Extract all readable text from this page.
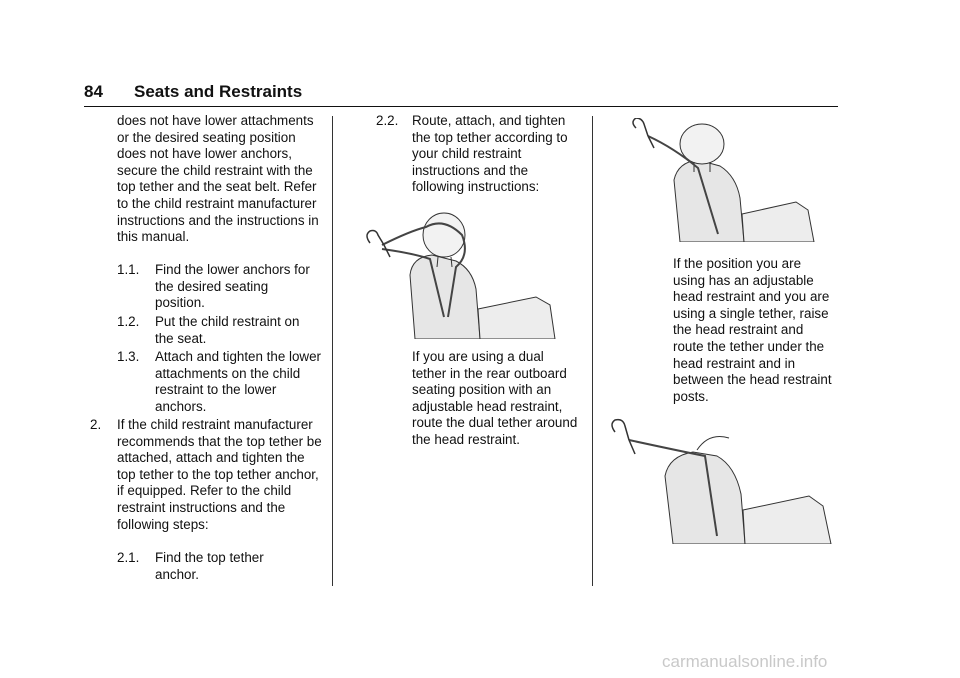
84 Seats and Restraints
does not have lower attachments or the desired seating position does not have lower anchors, secure the child restraint with the top tether and the seat belt. Refer to the child restraint manufacturer instructions and the instructions in this manual.
1.1. Find the lower anchors for the desired seating position.
1.2. Put the child restraint on the seat.
1.3. Attach and tighten the lower attachments on the child restraint to the lower anchors.
2. If the child restraint manufacturer recommends that the top tether be attached, attach and tighten the top tether to the top tether anchor, if equipped. Refer to the child restraint instructions and the following steps:
2.1. Find the top tether anchor.
2.2. Route, attach, and tighten the top tether according to your child restraint instructions and the following instructions:
If you are using a dual tether in the rear outboard seating position with an adjustable head restraint, route the dual tether around the head restraint.
If the position you are using has an adjustable head restraint and you are using a single tether, raise the head restraint and route the tether under the head restraint and in between the head restraint posts.
carmanualsonline.info
